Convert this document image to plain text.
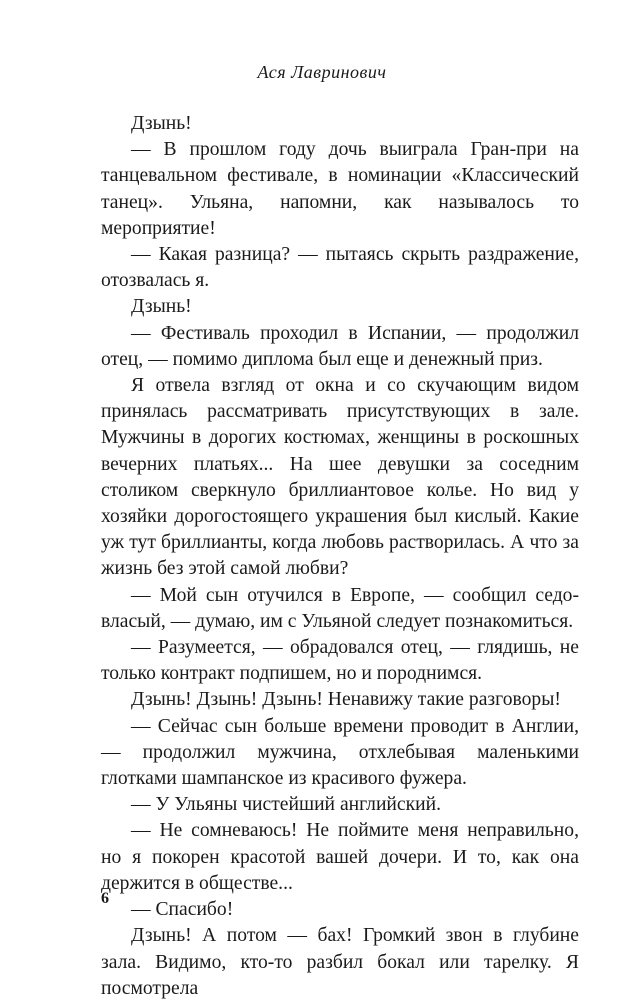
Ася Лавринович

Дзынь!

— В прошлом году дочь выиграла Гран-при на танцевальном фестивале, в номинации «Классический танец». Ульяна, напомни, как называлось то мероприятие!

— Какая разница? — пытаясь скрыть раздражение, отозвалась я.

Дзынь!

— Фестиваль проходил в Испании, — продолжил отец, — помимо диплома был еще и денежный приз.

Я отвела взгляд от окна и со скучающим видом принялась рассматривать присутствующих в зале. Мужчины в дорогих костюмах, женщины в роскошных вечерних платьях... На шее девушки за соседним столиком сверкнуло бриллиантовое колье. Но вид у хозяйки дорогостоящего украшения был кислый. Какие уж тут бриллианты, когда любовь растворилась. А что за жизнь без этой самой любви?

— Мой сын отучился в Европе, — сообщил седовласый, — думаю, им с Ульяной следует познакомиться.

— Разумеется, — обрадовался отец, — глядишь, не только контракт подпишем, но и породнимся.

Дзынь! Дзынь! Дзынь! Ненавижу такие разговоры!

— Сейчас сын больше времени проводит в Англии, — продолжил мужчина, отхлебывая маленькими глотками шампанское из красивого фужера.

— У Ульяны чистейший английский.

— Не сомневаюсь! Не поймите меня неправильно, но я покорен красотой вашей дочери. И то, как она держится в обществе...

— Спасибо!

Дзынь! А потом — бах! Громкий звон в глубине зала. Видимо, кто-то разбил бокал или тарелку. Я посмотрела

6
